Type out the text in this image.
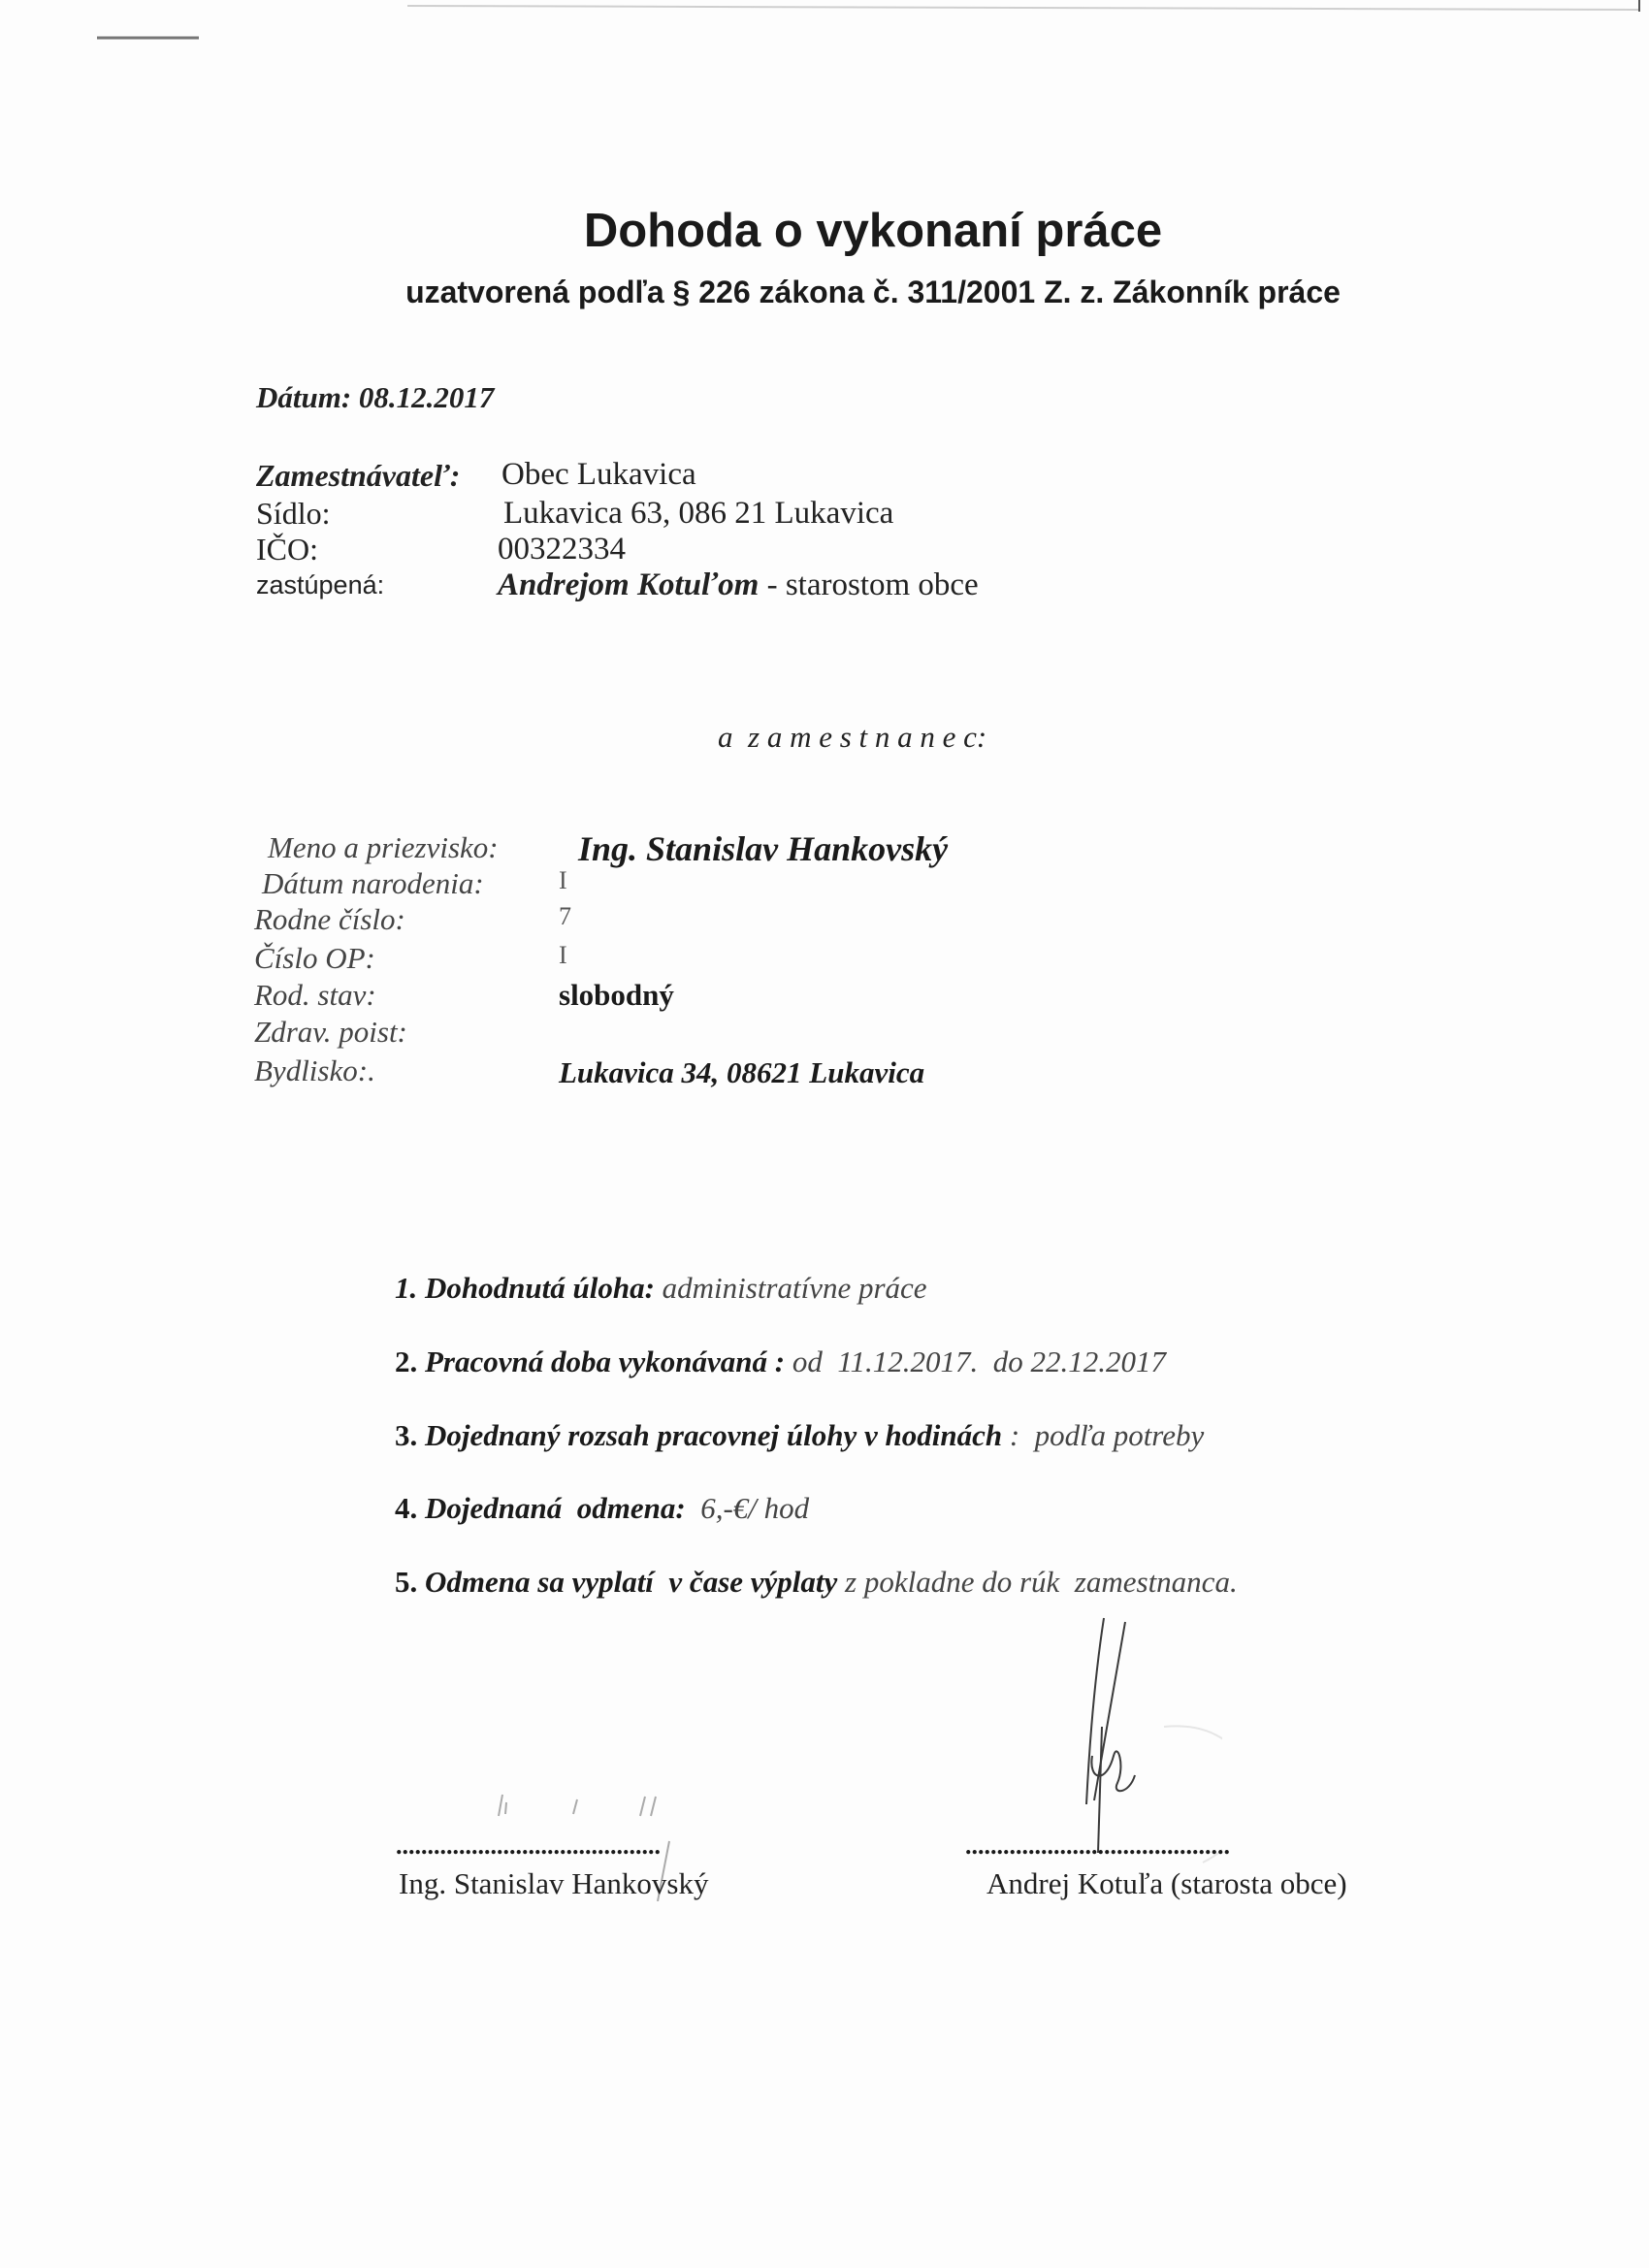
Dohoda o vykonaní práce
uzatvorená podľa § 226 zákona č. 311/2001 Z. z. Zákonník práce
Dátum: 08.12.2017
Zamestnávateľ: Obec Lukavica
Sídlo:	Lukavica 63, 086 21 Lukavica
IČO:	00322334
zastúpená:	Andrejom Kotuľom - starostom obce
a  z a m e s t n a n e c:
Meno a priezvisko: Ing. Stanislav Hankovský
Dátum narodenia:	I
Rodne číslo:	7
Číslo OP:	I
Rod. stav:	slobodný
Zdrav. poist:
Bydlisko:.	Lukavica 34, 08621 Lukavica
1. Dohodnutá úloha: administratívne práce
2. Pracovná doba vykonávaná : od  11.12.2017.  do 22.12.2017
3. Dojednaný rozsah pracovnej úlohy v hodinách :  podľa potreby
4. Dojednaná  odmena:  6,-€/ hod
5. Odmena sa vyplatí  v čase výplaty z pokladne do rúk  zamestnanca.
..........................................	..........................................
Ing. Stanislav Hankovský	Andrej Kotuľa (starosta obce)
